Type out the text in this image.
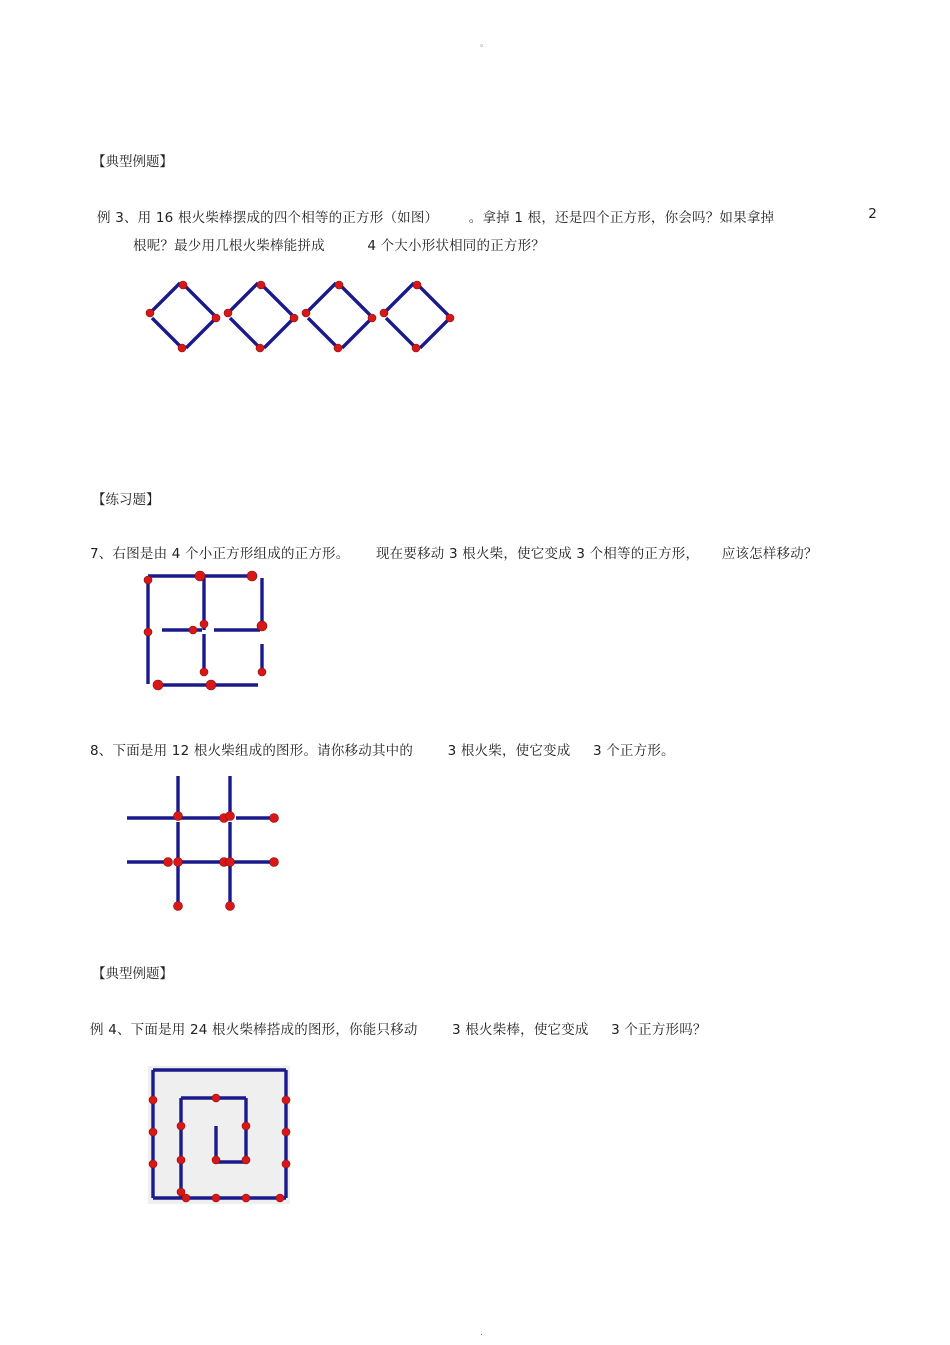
。
【典型例题】
例 3、用 16 根火柴棒摆成的四个相等的正方形（如图） 。拿掉 1 根，还是四个正方形，你会吗？如果拿掉	2
根呢？最少用几根火柴棒能拼成	4 个大小形状相同的正方形？
【练习题】
7、右图是由 4 个小正方形组成的正方形。 现在要移动 3 根火柴，使它变成 3 个相等的正方形， 应该怎样移动？
8、下面是用 12 根火柴组成的图形。请你移动其中的	3 根火柴，使它变成 3 个正方形。
【典型例题】
例 4、下面是用 24 根火柴棒搭成的图形，你能只移动	3 根火柴棒，使它变成 3 个正方形吗？
.
